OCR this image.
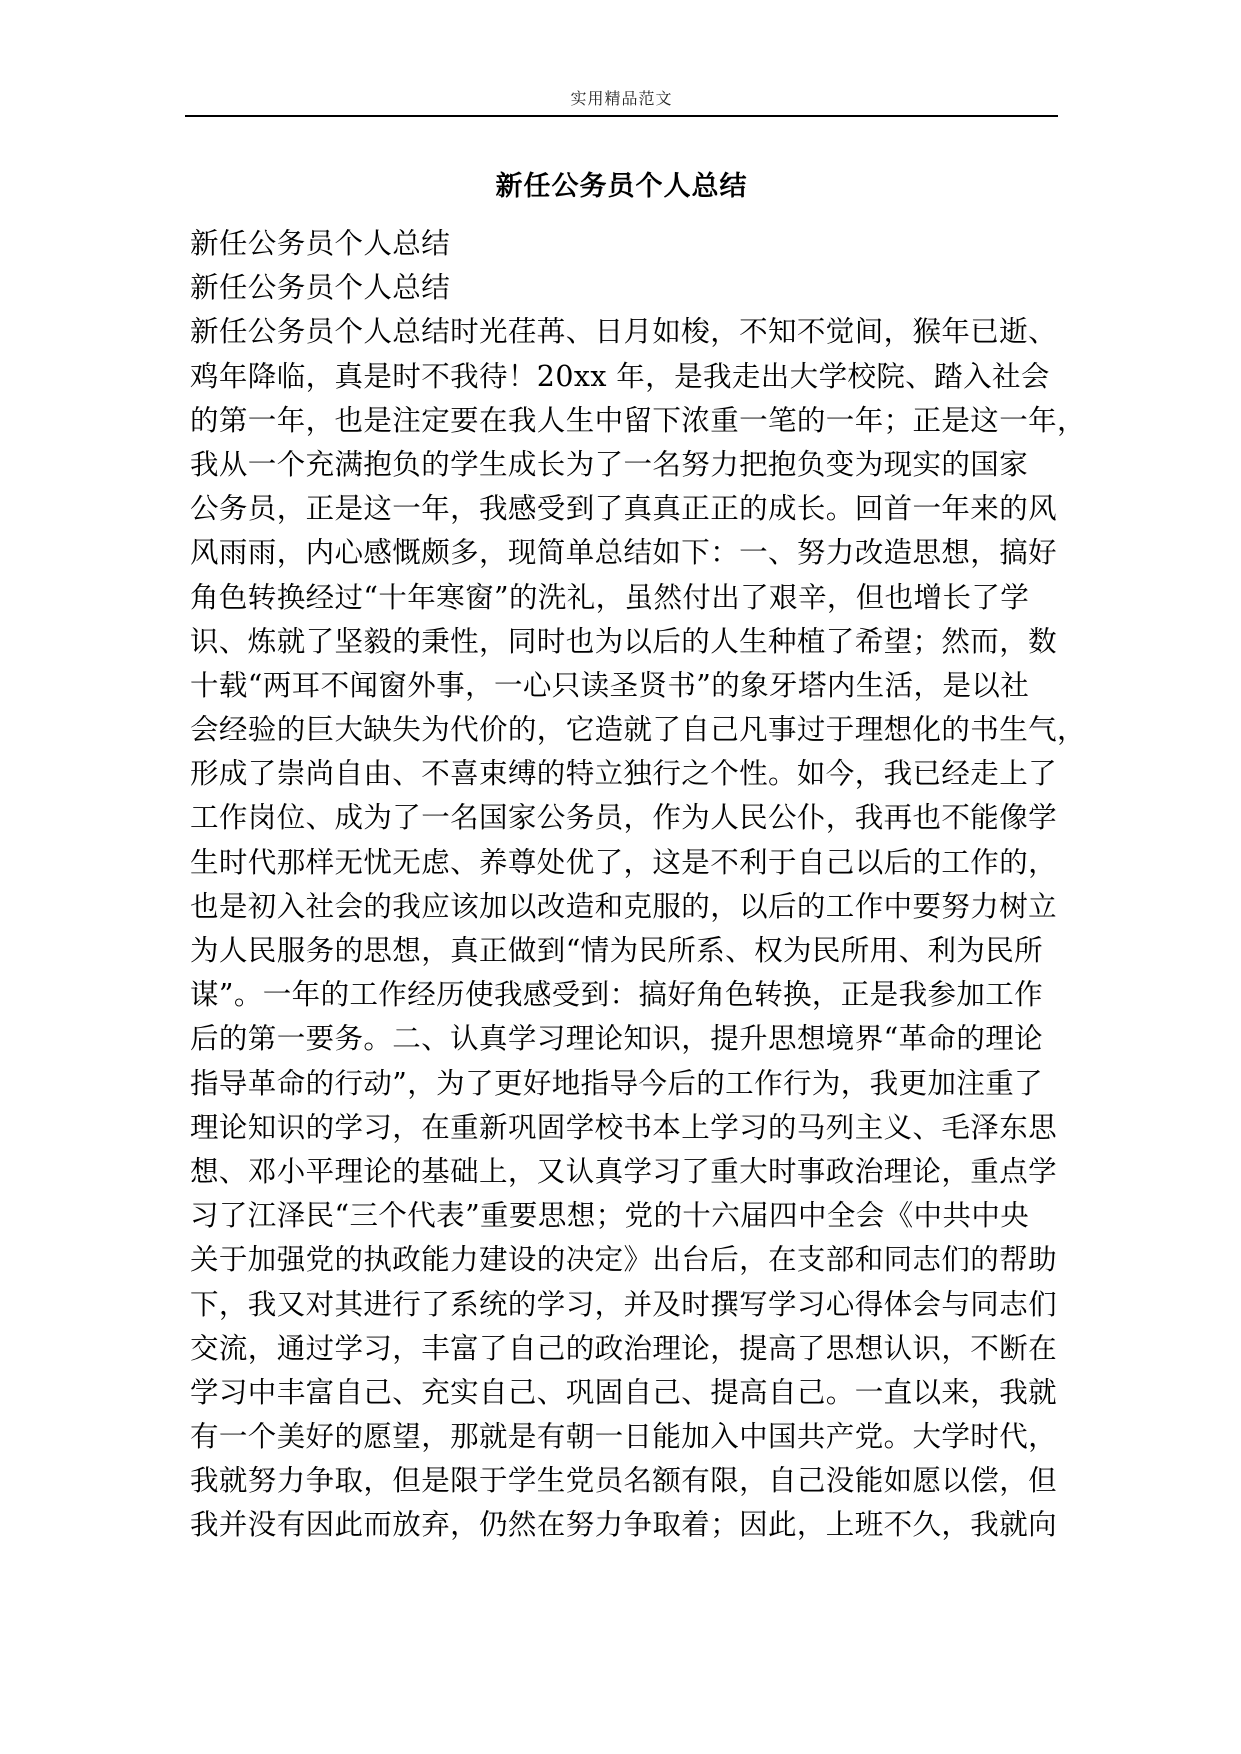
实用精品范文
新任公务员个人总结
新任公务员个人总结
新任公务员个人总结
新任公务员个人总结时光荏苒、日月如梭，不知不觉间，猴年已逝、
鸡年降临，真是时不我待！20xx 年，是我走出大学校院、踏入社会
的第一年，也是注定要在我人生中留下浓重一笔的一年；正是这一年，
我从一个充满抱负的学生成长为了一名努力把抱负变为现实的国家
公务员，正是这一年，我感受到了真真正正的成长。回首一年来的风
风雨雨，内心感慨颇多，现简单总结如下：一、努力改造思想，搞好
角色转换经过“十年寒窗”的洗礼，虽然付出了艰辛，但也增长了学
识、炼就了坚毅的秉性，同时也为以后的人生种植了希望；然而，数
十载“两耳不闻窗外事，一心只读圣贤书”的象牙塔内生活，是以社
会经验的巨大缺失为代价的，它造就了自己凡事过于理想化的书生气，
形成了崇尚自由、不喜束缚的特立独行之个性。如今，我已经走上了
工作岗位、成为了一名国家公务员，作为人民公仆，我再也不能像学
生时代那样无忧无虑、养尊处优了，这是不利于自己以后的工作的，
也是初入社会的我应该加以改造和克服的，以后的工作中要努力树立
为人民服务的思想，真正做到“情为民所系、权为民所用、利为民所
谋”。一年的工作经历使我感受到：搞好角色转换，正是我参加工作
后的第一要务。二、认真学习理论知识，提升思想境界“革命的理论
指导革命的行动”，为了更好地指导今后的工作行为，我更加注重了
理论知识的学习，在重新巩固学校书本上学习的马列主义、毛泽东思
想、邓小平理论的基础上，又认真学习了重大时事政治理论，重点学
习了江泽民“三个代表”重要思想；党的十六届四中全会《中共中央
关于加强党的执政能力建设的决定》出台后，在支部和同志们的帮助
下，我又对其进行了系统的学习，并及时撰写学习心得体会与同志们
交流，通过学习，丰富了自己的政治理论，提高了思想认识，不断在
学习中丰富自己、充实自己、巩固自己、提高自己。一直以来，我就
有一个美好的愿望，那就是有朝一日能加入中国共产党。大学时代，
我就努力争取，但是限于学生党员名额有限，自己没能如愿以偿，但
我并没有因此而放弃，仍然在努力争取着；因此，上班不久，我就向
